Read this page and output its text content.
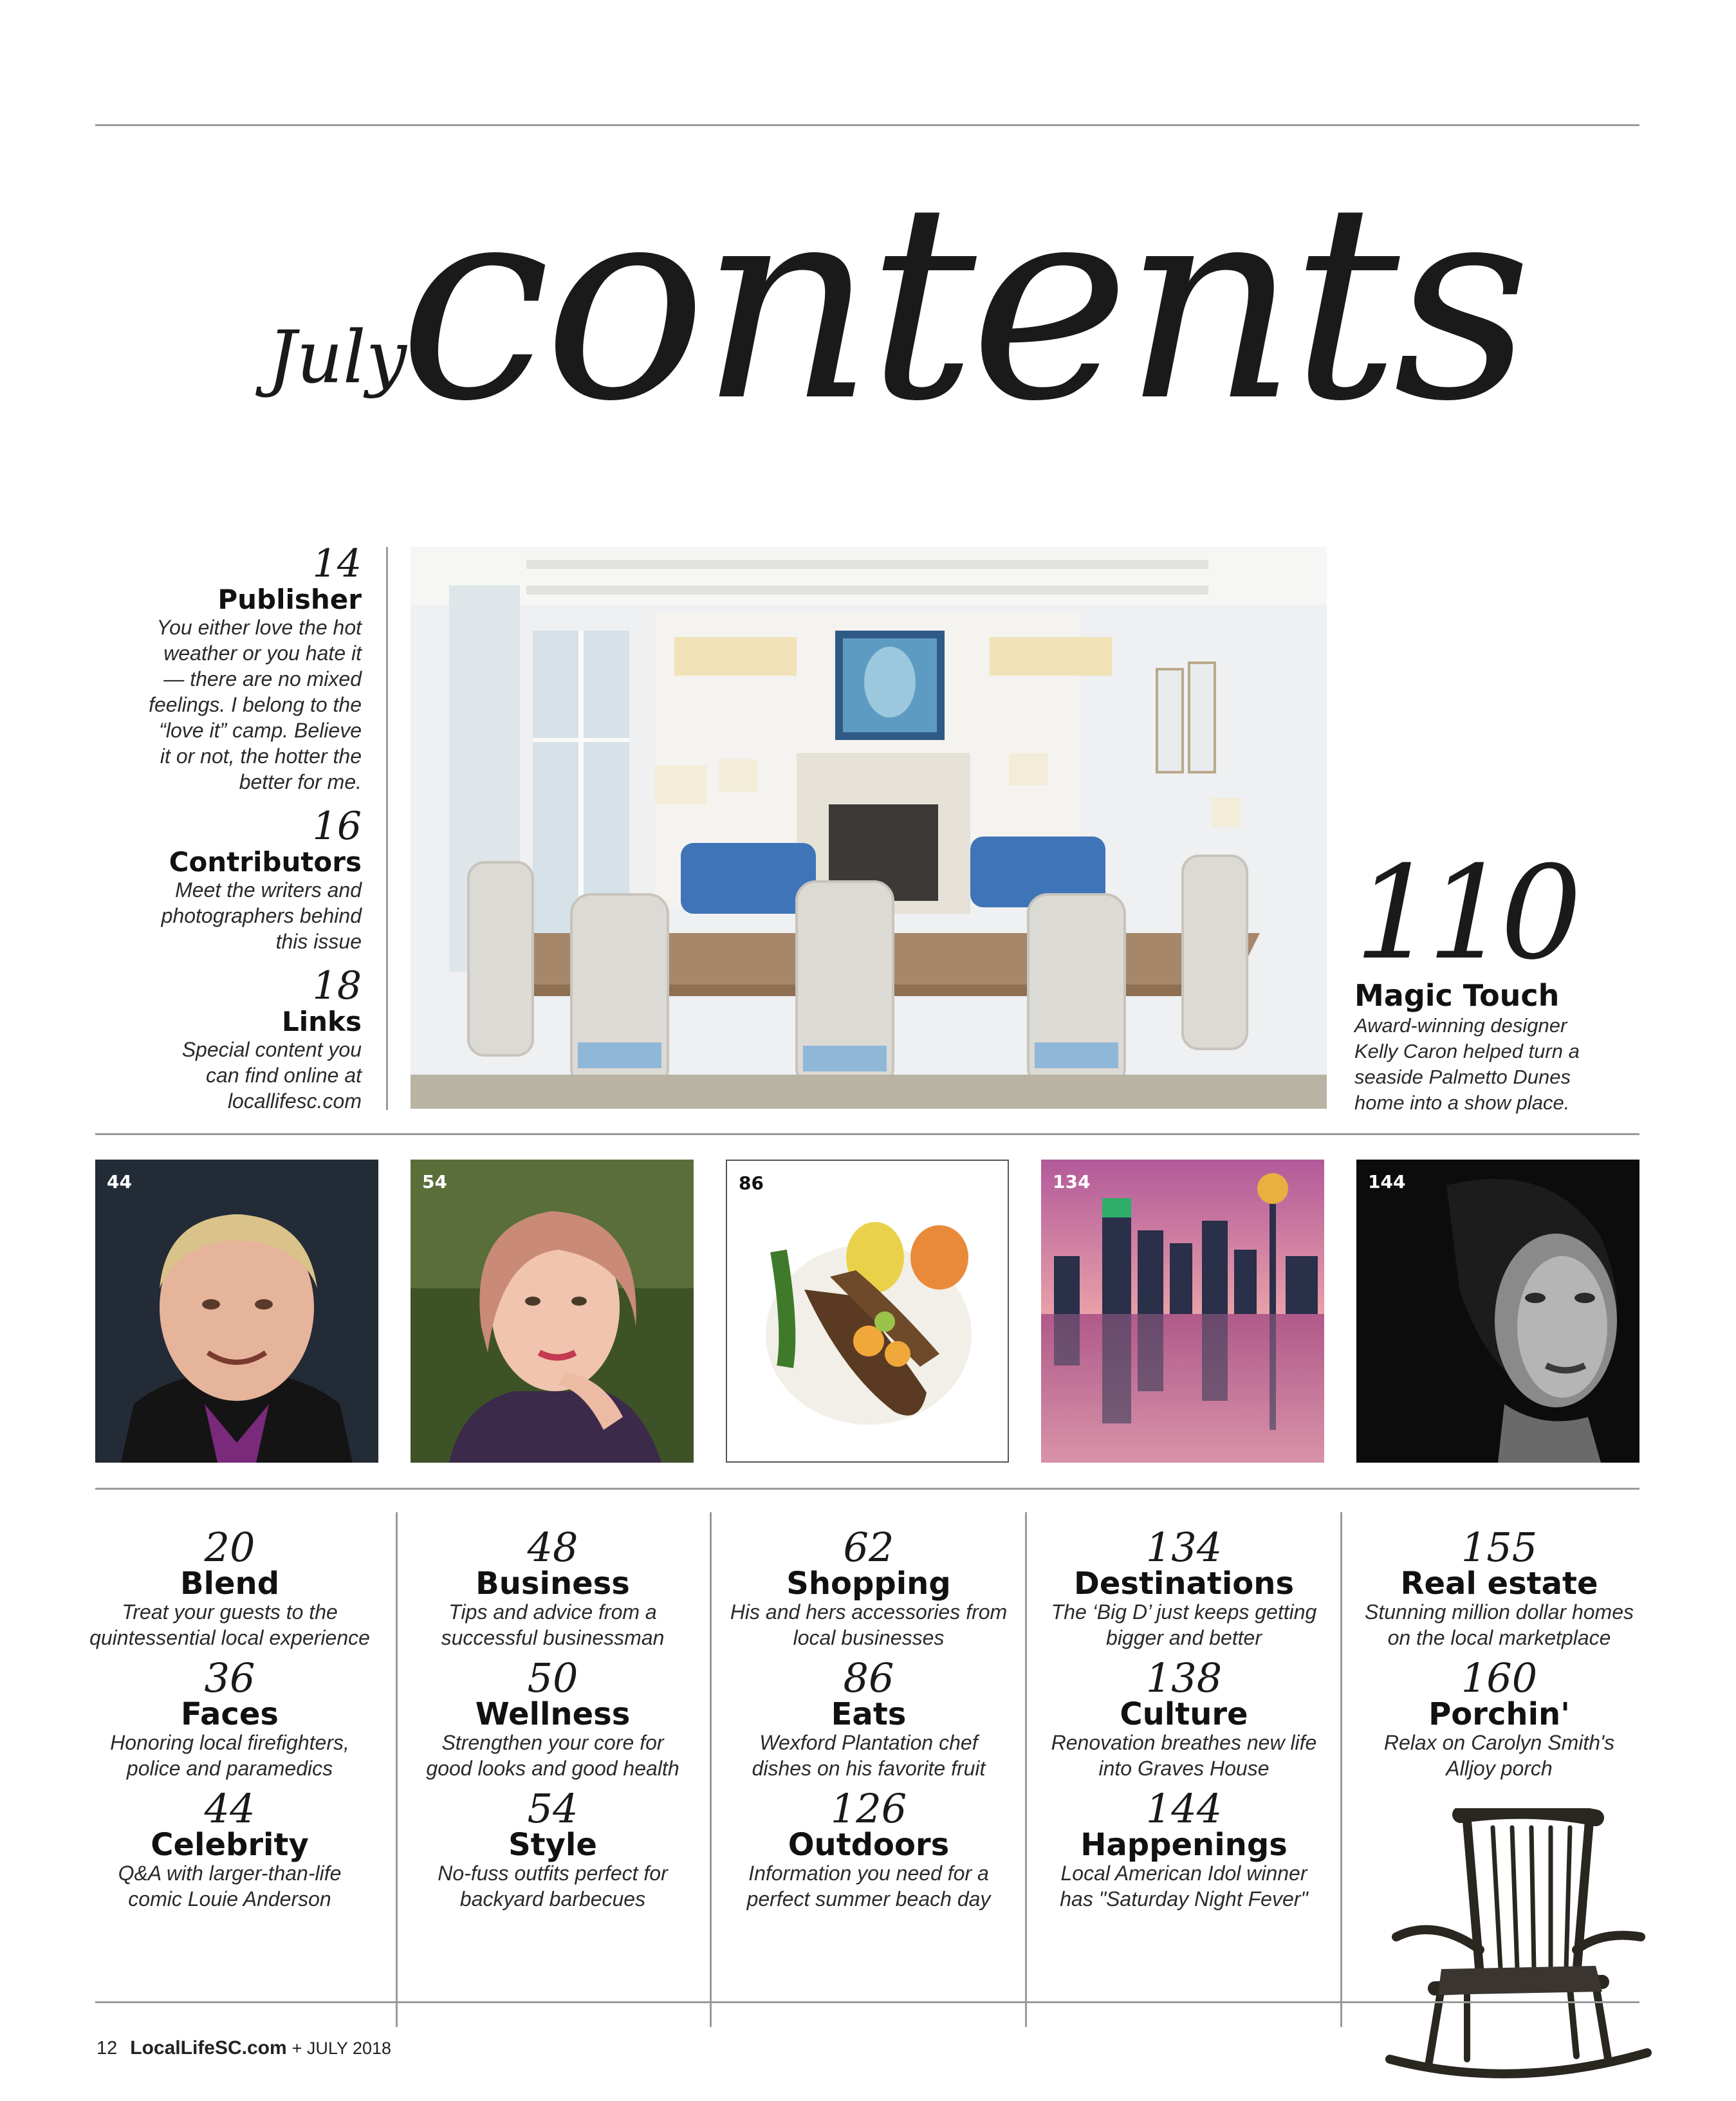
July
contents
14
Publisher
You either love the hot
weather or you hate it
— there are no mixed
feelings. I belong to the
“love it” camp. Believe
it or not, the hotter the
better for me.
16
Contributors
Meet the writers and
photographers behind
this issue
18
Links
Special content you
can find online at
locallifesc.com
110
Magic Touch
Award-winning designer
Kelly Caron helped turn a
seaside Palmetto Dunes
home into a show place.
44	54	86	134	144
20
Blend
Treat your guests to the
quintessential local experience
36
Faces
Honoring local firefighters,
police and paramedics
44
Celebrity
Q&A with larger-than-life
comic Louie Anderson
48
Business
Tips and advice from a
successful businessman
50
Wellness
Strengthen your core for
good looks and good health
54
Style
No-fuss outfits perfect for
backyard barbecues
62
Shopping
His and hers accessories from
local businesses
86
Eats
Wexford Plantation chef
dishes on his favorite fruit
126
Outdoors
Information you need for a
perfect summer beach day
134
Destinations
The ‘Big D’ just keeps getting
bigger and better
138
Culture
Renovation breathes new life
into Graves House
144
Happenings
Local American Idol winner
has "Saturday Night Fever"
155
Real estate
Stunning million dollar homes
on the local marketplace
160
Porchin'
Relax on Carolyn Smith's
Alljoy porch
12 LocalLifeSC.com + JULY 2018
